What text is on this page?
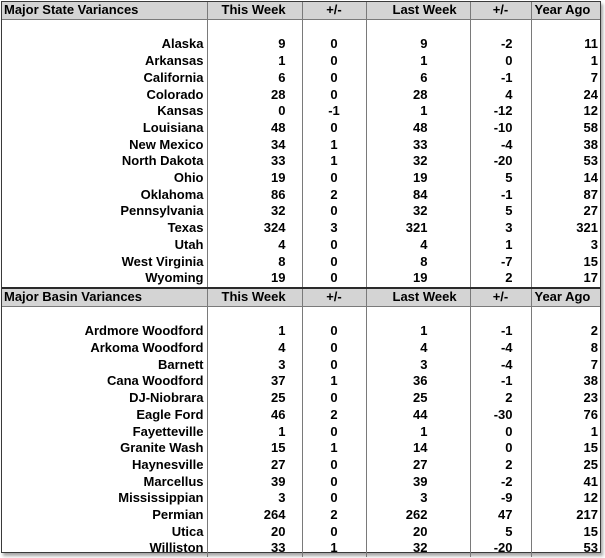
Major State Variances	This Week	+/-	Last Week	+/-	Year Ago

Alaska	9	0	9	-2	11
Arkansas	1	0	1	0	1
California	6	0	6	-1	7
Colorado	28	0	28	4	24
Kansas	0	-1	1	-12	12
Louisiana	48	0	48	-10	58
New Mexico	34	1	33	-4	38
North Dakota	33	1	32	-20	53
Ohio	19	0	19	5	14
Oklahoma	86	2	84	-1	87
Pennsylvania	32	0	32	5	27
Texas	324	3	321	3	321
Utah	4	0	4	1	3
West Virginia	8	0	8	-7	15
Wyoming	19	0	19	2	17
Major Basin Variances	This Week	+/-	Last Week	+/-	Year Ago

Ardmore Woodford	1	0	1	-1	2
Arkoma Woodford	4	0	4	-4	8
Barnett	3	0	3	-4	7
Cana Woodford	37	1	36	-1	38
DJ-Niobrara	25	0	25	2	23
Eagle Ford	46	2	44	-30	76
Fayetteville	1	0	1	0	1
Granite Wash	15	1	14	0	15
Haynesville	27	0	27	2	25
Marcellus	39	0	39	-2	41
Mississippian	3	0	3	-9	12
Permian	264	2	262	47	217
Utica	20	0	20	5	15
Williston	33	1	32	-20	53
